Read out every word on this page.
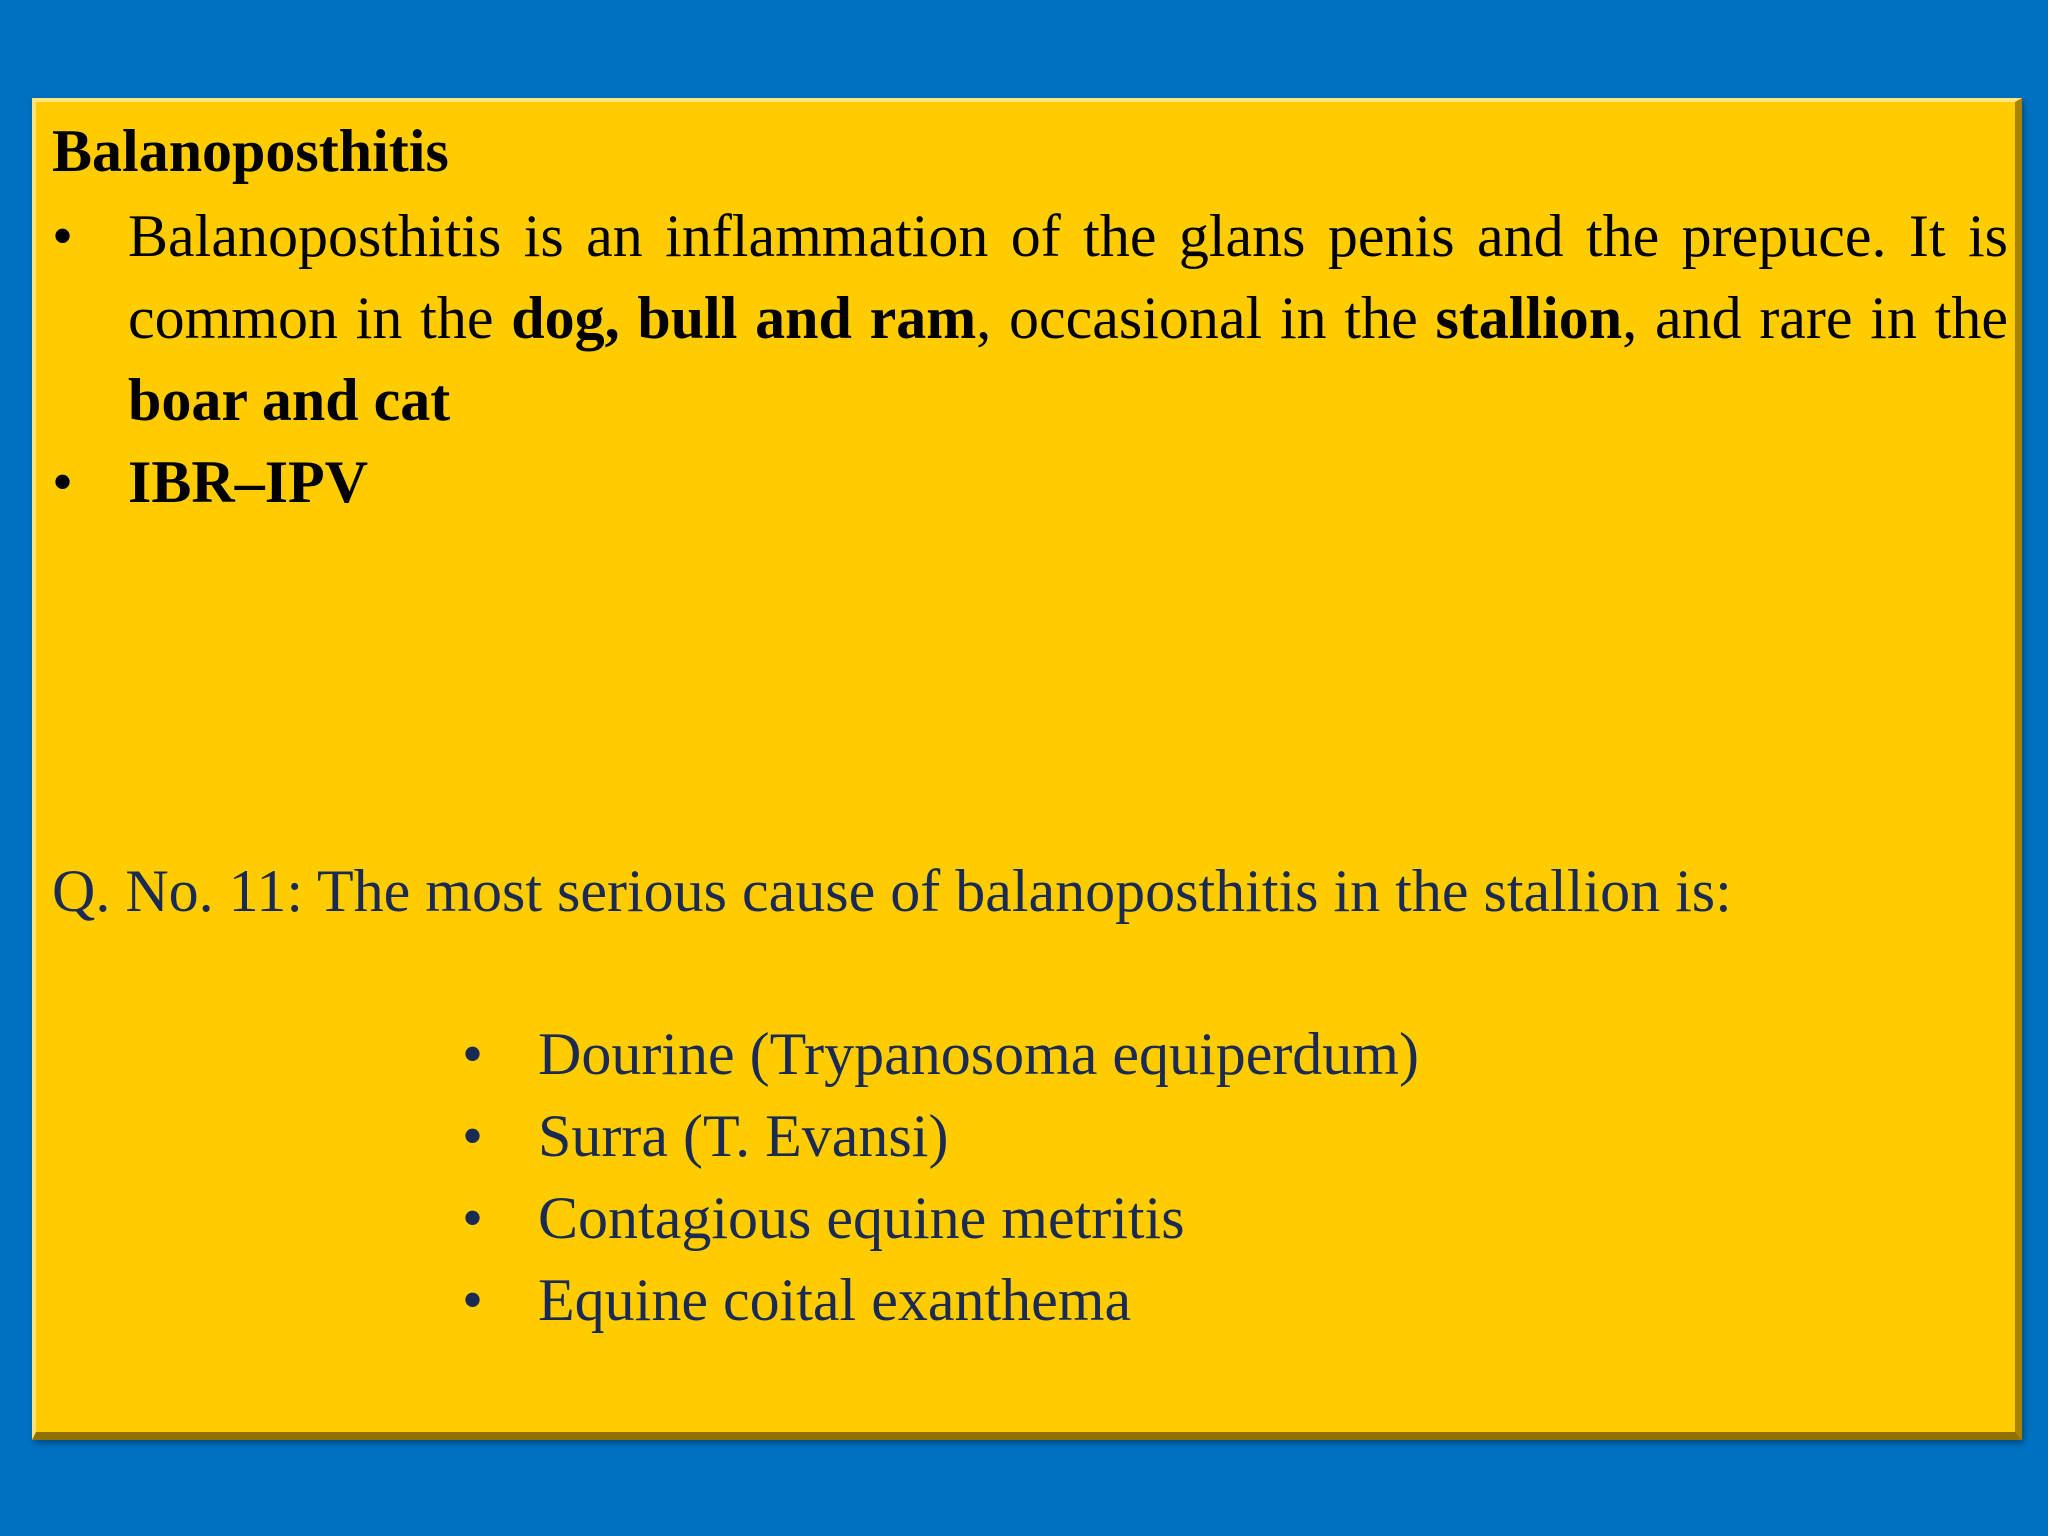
Balanoposthitis
• Balanoposthitis is an inflammation of the glans penis and the prepuce. It is common in the dog, bull and ram, occasional in the stallion, and rare in the boar and cat
• IBR–IPV
Q. No. 11: The most serious cause of balanoposthitis in the stallion is:
• Dourine (Trypanosoma equiperdum)
• Surra (T. Evansi)
• Contagious equine metritis
• Equine coital exanthema
